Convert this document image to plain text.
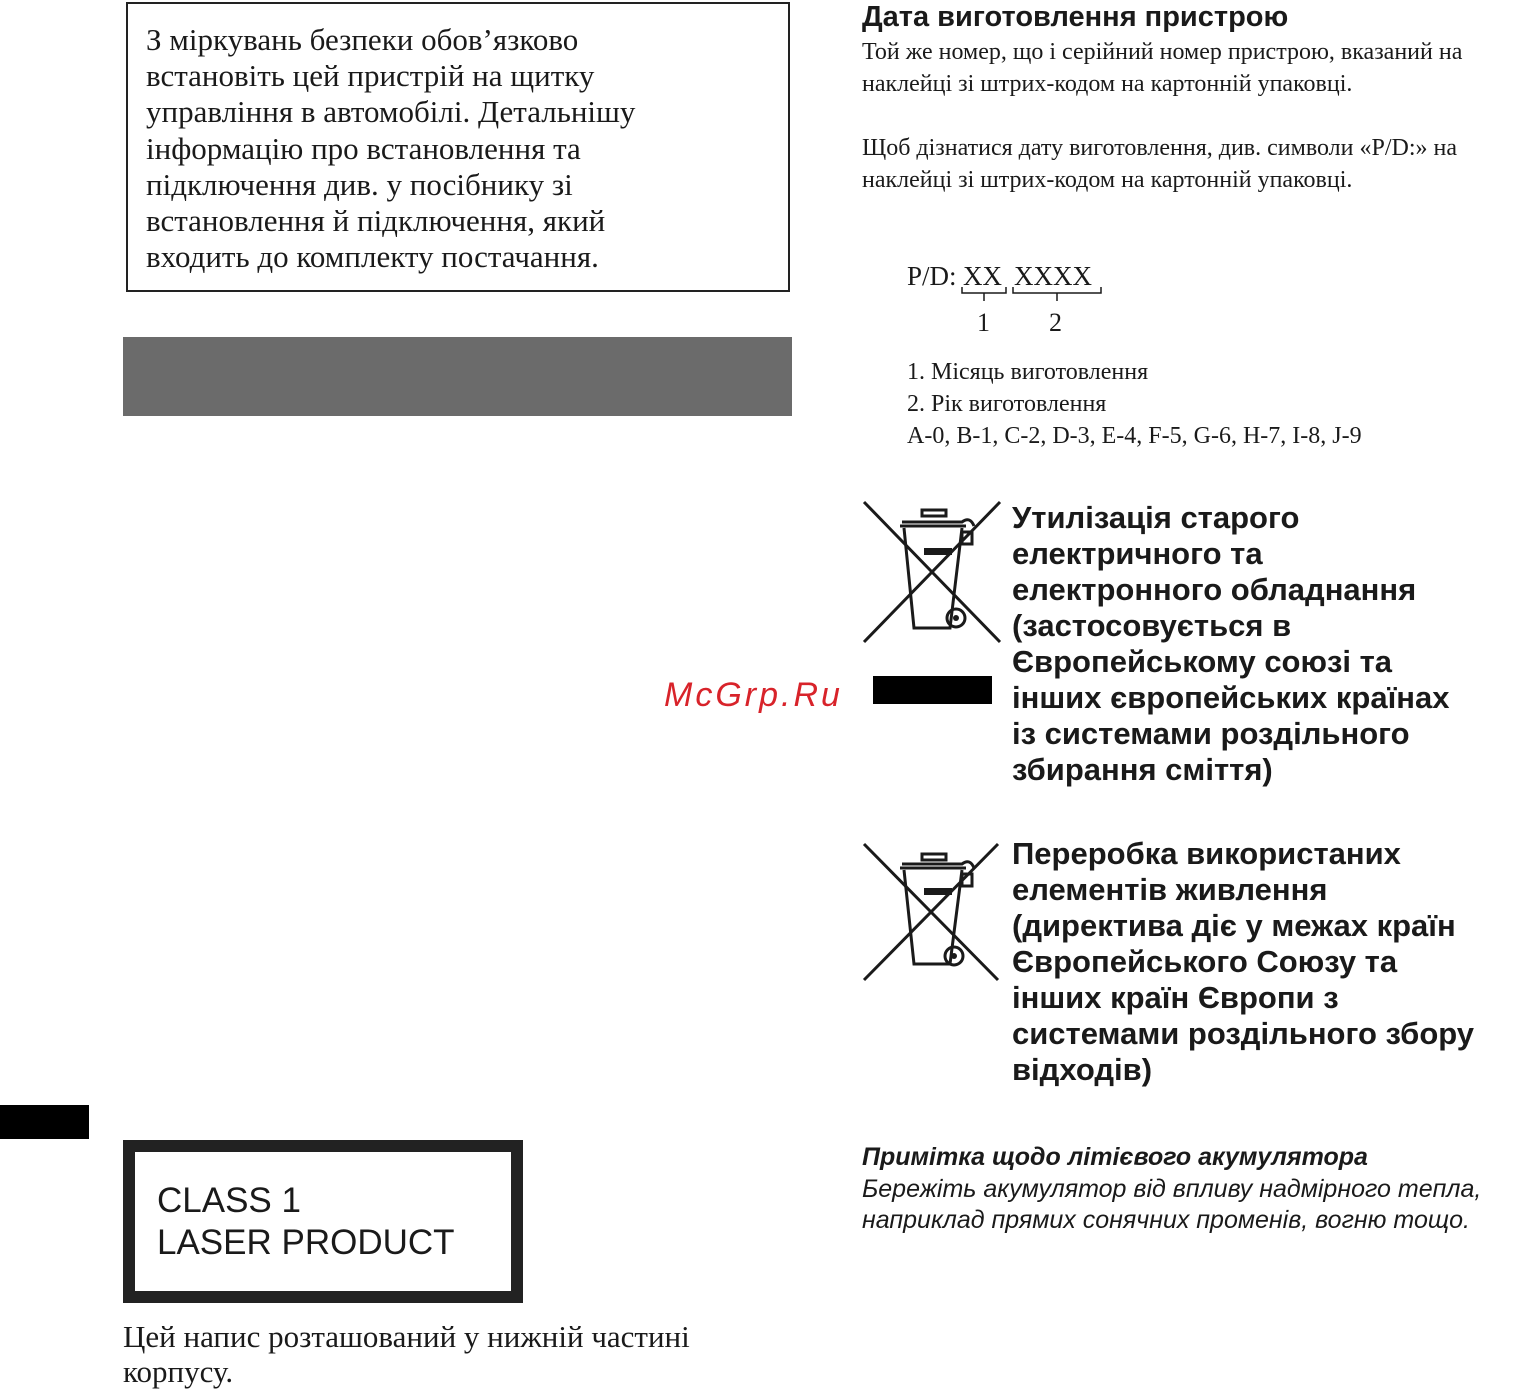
З міркувань безпеки обов’язково
встановіть цей пристрій на щитку
управління в автомобілі. Детальнішу
інформацію про встановлення та
підключення див. у посібнику зі
встановлення й підключення, який
входить до комплекту постачання.
CLASS 1
LASER PRODUCT
Цей напис розташований у нижній частині корпусу.
Дата виготовлення пристрою
Той же номер, що і серійний номер пристрою, вказаний на наклейці зі штрих-кодом на картонній упаковці.
Щоб дізнатися дату виготовлення, див. символи «P/D:» на наклейці зі штрих-кодом на картонній упаковці.
P/D: XX XXXX
1 2
1. Місяць виготовлення
2. Рік виготовлення
A-0, B-1, C-2, D-3, E-4, F-5, G-6, H-7, I-8, J-9
Утилізація старого
електричного та
електронного обладнання
(застосовується в
Європейському союзі та
інших європейських країнах
із системами роздільного
збирання сміття)
Переробка використаних
елементів живлення
(директива діє у межах країн
Європейського Союзу та
інших країн Європи з
системами роздільного збору
відходів)
Примітка щодо літієвого акумулятора
Бережіть акумулятор від впливу надмірного тепла, наприклад прямих сонячних променів, вогню тощо.
McGrp.Ru
